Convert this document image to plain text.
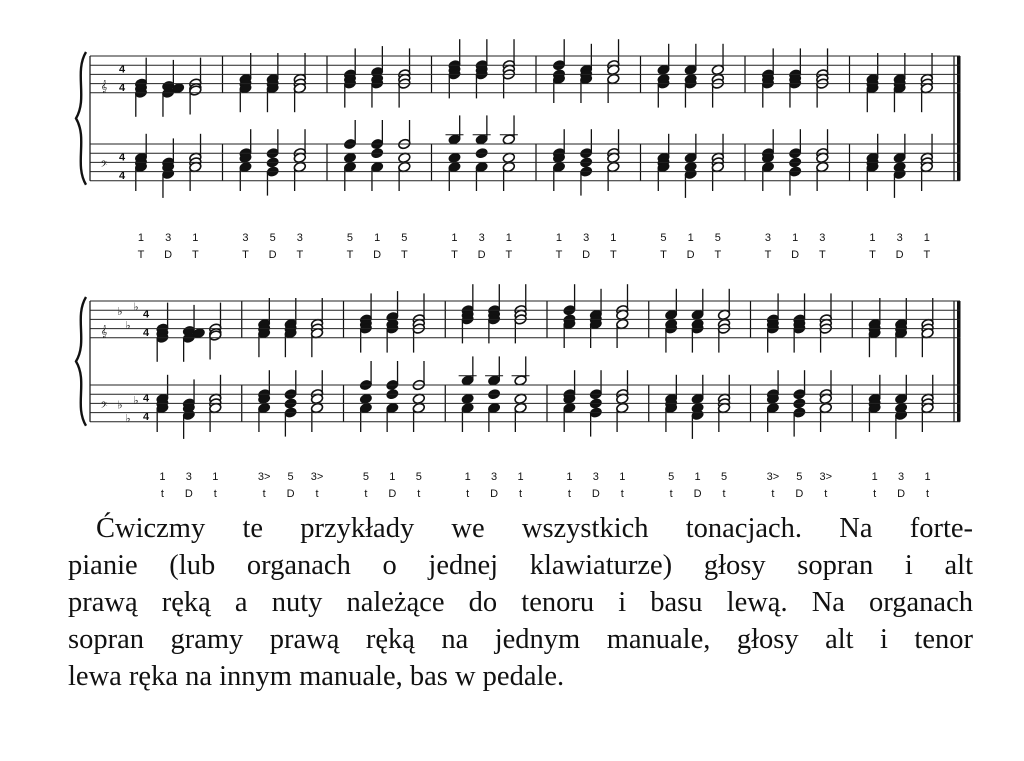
𝄞
𝄢
4
4
4
4
1
T
3
D
1
T
3
T
5
D
3
T
5
T
1
D
5
T
1
T
3
D
1
T
1
T
3
D
1
T
5
T
1
D
5
T
3
T
1
D
3
T
1
T
3
D
1
T
𝄞
𝄢
♭
♭
♭
♭
♭
♭
4
4
4
4
1
t
3
D
1
t
3>
t
5
D
3>
t
5
t
1
D
5
t
1
t
3
D
1
t
1
t
3
D
1
t
5
t
1
D
5
t
3>
t
5
D
3>
t
1
t
3
D
1
t
Ćwiczmy te przykłady we wszystkich tonacjach. Na forte-
pianie (lub organach o jednej klawiaturze) głosy sopran i alt
prawą ręką a nuty należące do tenoru i basu lewą. Na organach
sopran gramy prawą ręką na jednym manuale, głosy alt i tenor
lewa ręka na innym manuale, bas w pedale.
